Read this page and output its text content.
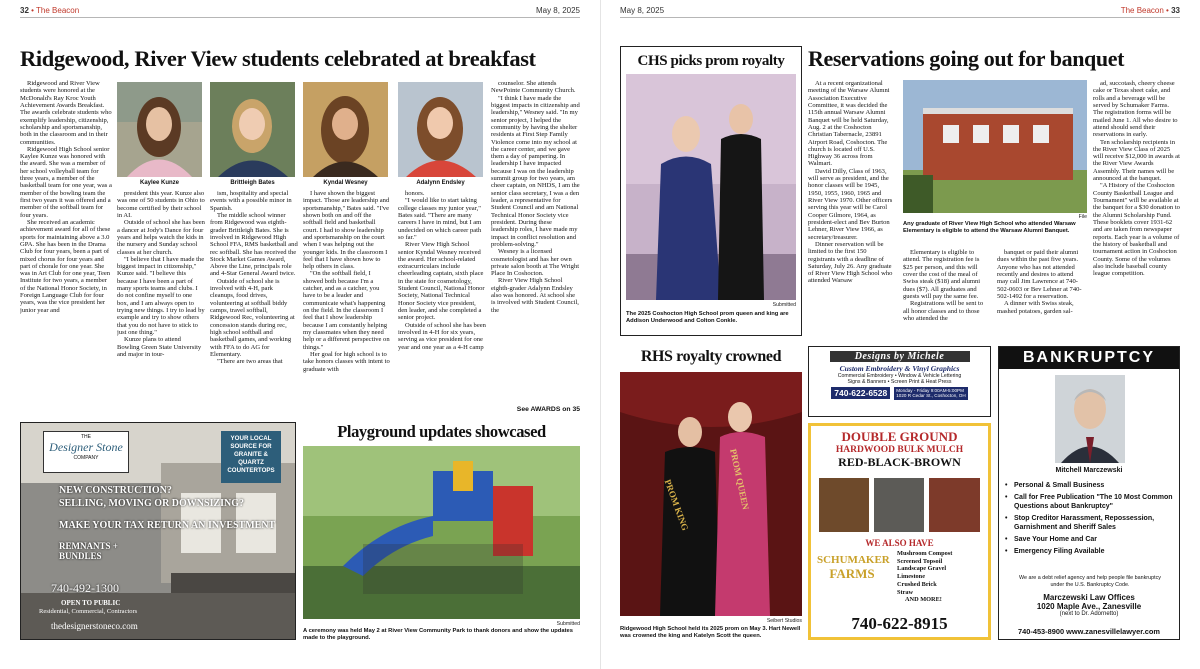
32 • The Beacon	May 8, 2025	May 8, 2025	The Beacon • 33
Ridgewood, River View students celebrated at breakfast

Ridgewood and River View students were honored at the McDonald's Ray Kroc Youth Achievement Awards Breakfast. The awards celebrate students who exemplify leadership, citizenship, scholarship and sportsmanship, both in the classroom and in their communities.

Ridgewood High School senior Kaylee Kunze was honored with the award. She was a member of her school volleyball team for three years, a member of the basketball team for one year, was a member of the bowling team the first two years it was offered and a member of the softball team for four years.

She received an academic achievement award for all of these sports for maintaining above a 3.0 GPA. She has been in the Drama Club for four years, been a part of mixed chorus for four years and part of chorale for one year. She was in Art Club for one year, Teen Institute for two years, a member of the National Honor Society, in Foreign Language Club for four years, was the vice president her junior year and

Kaylee Kunze	Brittleigh Bates	Kyndal Wesney	Adalynn Endsley

president this year. Kunze also was one of 50 students in Ohio to become certified by their school in AI.

Outside of school she has been a dancer at Jody's Dance for four years and helps watch the kids in the nursery and Sunday school classes at her church.

"I believe that I have made the biggest impact in citizenship," Kunze said. "I believe this because I have been a part of many sports teams and clubs. I do not confine myself to one box, and I am always open to trying new things. I try to lead by example and try to show others that you do not have to stick to just one thing."

Kunze plans to attend Bowling Green State University and major in tour-

ism, hospitality and special events with a possible minor in Spanish.

The middle school winner from Ridgewood was eighth-grader Brittleigh Bates. She is involved in Ridgewood High School FFA, RMS basketball and rec softball. She has received the Stock Market Games Award, Above the Line, principals role and 4-Star General Award twice.

Outside of school she is involved with 4-H, park cleanups, food drives, volunteering at softball biddy camps, travel softball, Ridgewood Rec, volunteering at concession stands during rec, high school softball and basketball games, and working with FFA to do AG for Elementary.

"There are two areas that

I have shown the biggest impact. Those are leadership and sportsmanship," Bates said. "I've shown both on and off the softball field and basketball court. I had to show leadership and sportsmanship on the court when I was helping out the younger kids. In the classroom I feel that I have shown how to help others in class.

"On the softball field, I showed both because I'm a catcher, and as a catcher, you have to be a leader and communicate what's happening on the field. In the classroom I feel that I show leadership because I am constantly helping my classmates when they need help or a different perspective on things."

Her goal for high school is to take honors classes with intent to graduate with

honors.

"I would like to start taking college classes my junior year," Bates said. "There are many careers I have in mind, but I am undecided on which career path so far."

River View High School senior Kyndal Wesney received the award. Her school-related extracurriculars include cheerleading captain, sixth place in the state for cosmetology, Student Council, National Honor Society, National Technical Honor Society vice president, den leader, and she completed a senior project.

Outside of school she has been involved in 4-H for six years, serving as vice president for one year and one year as a 4-H camp

counselor. She attends NewPointe Community Church.

"I think I have made the biggest impacts in citizenship and leadership," Wesney said. "In my senior project, I helped the community by having the shelter residents at First Step Family Violence come into my school at the career center, and we gave them a day of pampering. In leadership I have impacted because I was on the leadership summit group for two years, am cheer captain, on NHDS, I am the senior class secretary, I was a den leader, a representative for Student Council and am National Technical Honor Society vice president. During these leadership roles, I have made my impact in conflict resolution and problem-solving."

Wesney is a licensed cosmetologist and has her own private salon booth at The Wright Place In Coshocton.

River View High School eighth-grader Adalynn Endsley also was honored. At school she is involved with Student Council, the

See AWARDS on 35
THE
Designer Stone
COMPANY
YOUR LOCAL SOURCE FOR GRANITE & QUARTZ COUNTERTOPS
NEW CONSTRUCTION?
SELLING, MOVING OR DOWNSIZING?
MAKE YOUR TAX RETURN AN INVESTMENT
REMNANTS + BUNDLES
740-492-1300
OPEN TO PUBLIC
Residential, Commercial, Contractors
thedesignerstoneco.com
Playground updates showcased
Submitted
A ceremony was held May 2 at River View Community Park to thank donors and show the updates made to the playground.
CHS picks prom royalty
Submitted
The 2025 Coshocton High School prom queen and king are Addison Underwood and Colton Conkle.
Reservations going out for banquet

At a recent organizational meeting of the Warsaw Alumni Association Executive Committee, it was decided the 115th annual Warsaw Alumni Banquet will be held Saturday, Aug. 2 at the Coshocton Christian Tabernacle, 23891 Airport Road, Coshocton. The church is located off U.S. Highway 36 across from Walmart.

David Dilly, Class of 1963, will serve as president, and the honor classes will be 1945, 1950, 1955, 1960, 1965 and River View 1970. Other officers serving this year will be Carol Cooper Gilmore, 1964, as president-elect and Bev Burton Lehner, River View 1966, as secretary/treasurer.

Dinner reservation will be limited to the first 150 registrants with a deadline of Saturday, July 26. Any graduate of River View High School who attended Warsaw

File
Any graduate of River View High School who attended Warsaw Elementary is eligible to attend the Warsaw Alumni Banquet.

Elementary is eligible to attend. The registration fee is $25 per person, and this will cover the cost of the meal of Swiss steak ($18) and alumni dues ($7). All graduates and guests will pay the same fee.

Registrations will be sent to all honor classes and to those who attended the

banquet or paid their alumni dues within the past five years. Anyone who has not attended recently and desires to attend may call Jim Lawrence at 740-502-0603 or Bev Lehner at 740-502-1492 for a reservation.

A dinner with Swiss steak, mashed potatoes, garden sal-

ad, succotash, cheery cheese cake or Texas sheet cake, and rolls and a beverage will be served by Schumaker Farms. The registration forms will be mailed June 1. All who desire to attend should send their reservations in early.

Ten scholarship recipients in the River View Class of 2025 will receive $12,000 in awards at the River View Awards Assembly. Their names will be announced at the banquet.

"A History of the Coshocton County Basketball League and Tournament" will be available at the banquet for a $30 donation to the Alumni Scholarship Fund. These booklets cover 1931-62 and are taken from newspaper reports. Each year is a volume of the history of basketball and tournament action in Coshocton County. Some of the volumes also include baseball county league competition.

RHS royalty crowned
PROM KING	PROM QUEEN
Seibert Studios
Ridgewood High School held its 2025 prom on May 3. Hart Newell was crowned the king and Katelyn Scott the queen.
Designs by Michele
Custom Embroidery & Vinyl Graphics
Commercial Embroidery • Window & Vehicle Lettering
Signs & Banners • Screen Print & Heat Press
740-622-6528	Monday - Friday 9:00AM-5:00PM
1020 R Cedar St., Coshocton, OH
DOUBLE GROUND
HARDWOOD BULK MULCH
RED-BLACK-BROWN
WE ALSO HAVE
SCHUMAKER
FARMS
Mushroom Compost
Screened Topsoil
Landscape Gravel
Limestone
Crushed Brick
Straw
AND MORE!
740-622-8915
BANKRUPTCY
Mitchell Marczewski
• Personal & Small Business
• Call for Free Publication "The 10 Most Common Questions about Bankruptcy"
• Stop Creditor Harassment, Repossession, Garnishment and Sheriff Sales
• Save Your Home and Car
• Emergency Filing Available
We are a debt relief agency and help people file bankruptcy under the U.S. Bankruptcy Code.
Marczewski Law Offices
1020 Maple Ave., Zanesville
(next to Dr. Adornetto)
740-453-8900 www.zanesvillelawyer.com
